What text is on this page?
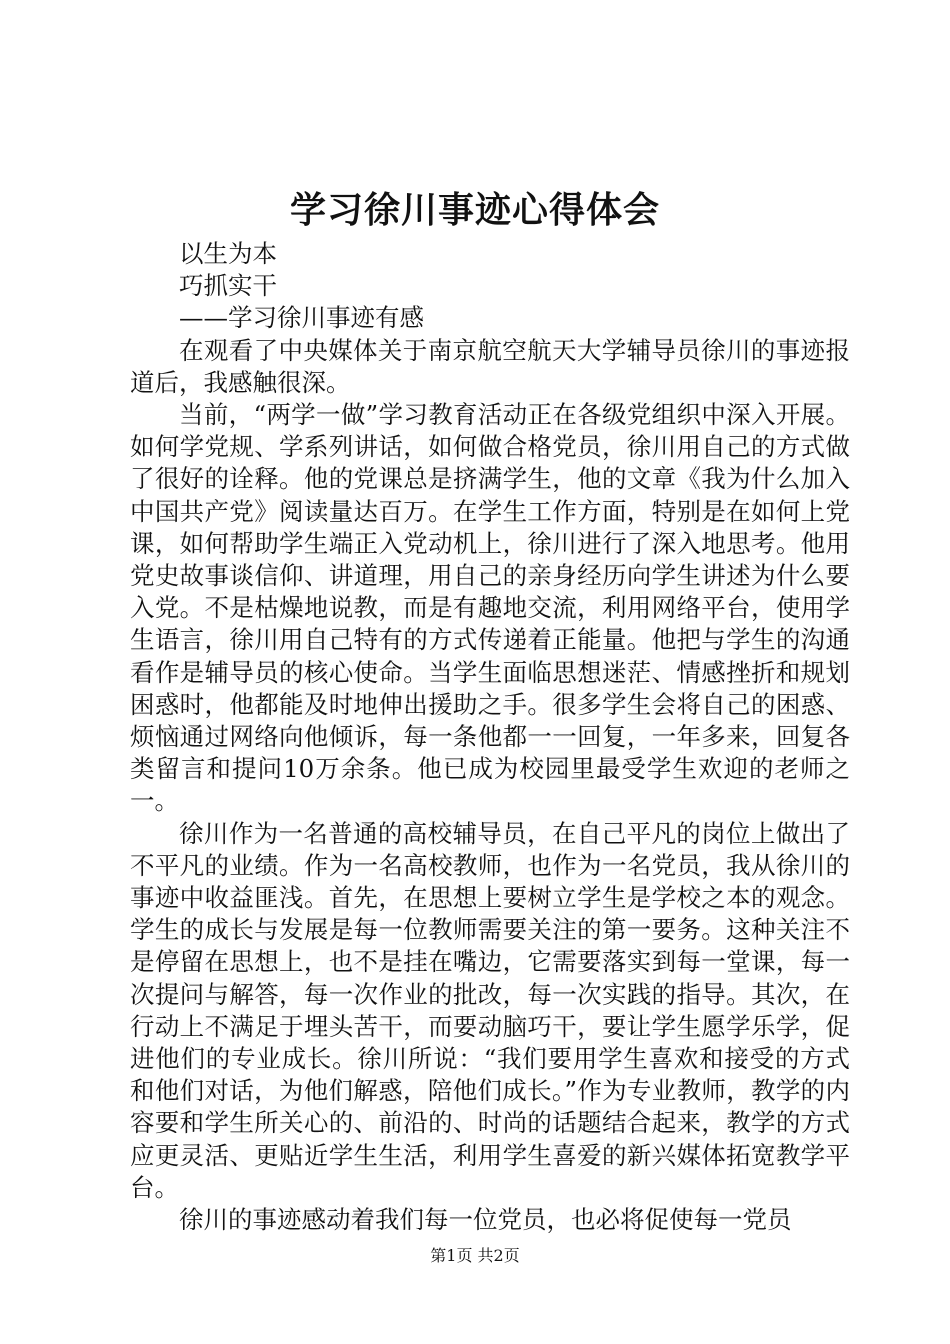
学习徐川事迹心得体会

以生为本

巧抓实干

——学习徐川事迹有感

在观看了中央媒体关于南京航空航天大学辅导员徐川的事迹报道后，我感触很深。

当前，“两学一做”学习教育活动正在各级党组织中深入开展。如何学党规、学系列讲话，如何做合格党员，徐川用自己的方式做了很好的诠释。他的党课总是挤满学生，他的文章《我为什么加入中国共产党》阅读量达百万。在学生工作方面，特别是在如何上党课，如何帮助学生端正入党动机上，徐川进行了深入地思考。他用党史故事谈信仰、讲道理，用自己的亲身经历向学生讲述为什么要入党。不是枯燥地说教，而是有趣地交流，利用网络平台，使用学生语言，徐川用自己特有的方式传递着正能量。他把与学生的沟通看作是辅导员的核心使命。当学生面临思想迷茫、情感挫折和规划困惑时，他都能及时地伸出援助之手。很多学生会将自己的困惑、烦恼通过网络向他倾诉，每一条他都一一回复，一年多来，回复各类留言和提问10万余条。他已成为校园里最受学生欢迎的老师之一。

徐川作为一名普通的高校辅导员，在自己平凡的岗位上做出了不平凡的业绩。作为一名高校教师，也作为一名党员，我从徐川的事迹中收益匪浅。首先，在思想上要树立学生是学校之本的观念。学生的成长与发展是每一位教师需要关注的第一要务。这种关注不是停留在思想上，也不是挂在嘴边，它需要落实到每一堂课，每一次提问与解答，每一次作业的批改，每一次实践的指导。其次，在行动上不满足于埋头苦干，而要动脑巧干，要让学生愿学乐学，促进他们的专业成长。徐川所说：“我们要用学生喜欢和接受的方式和他们对话，为他们解惑，陪他们成长。”作为专业教师，教学的内容要和学生所关心的、前沿的、时尚的话题结合起来，教学的方式应更灵活、更贴近学生生活，利用学生喜爱的新兴媒体拓宽教学平台。

徐川的事迹感动着我们每一位党员，也必将促使每一党员

第1页 共2页
